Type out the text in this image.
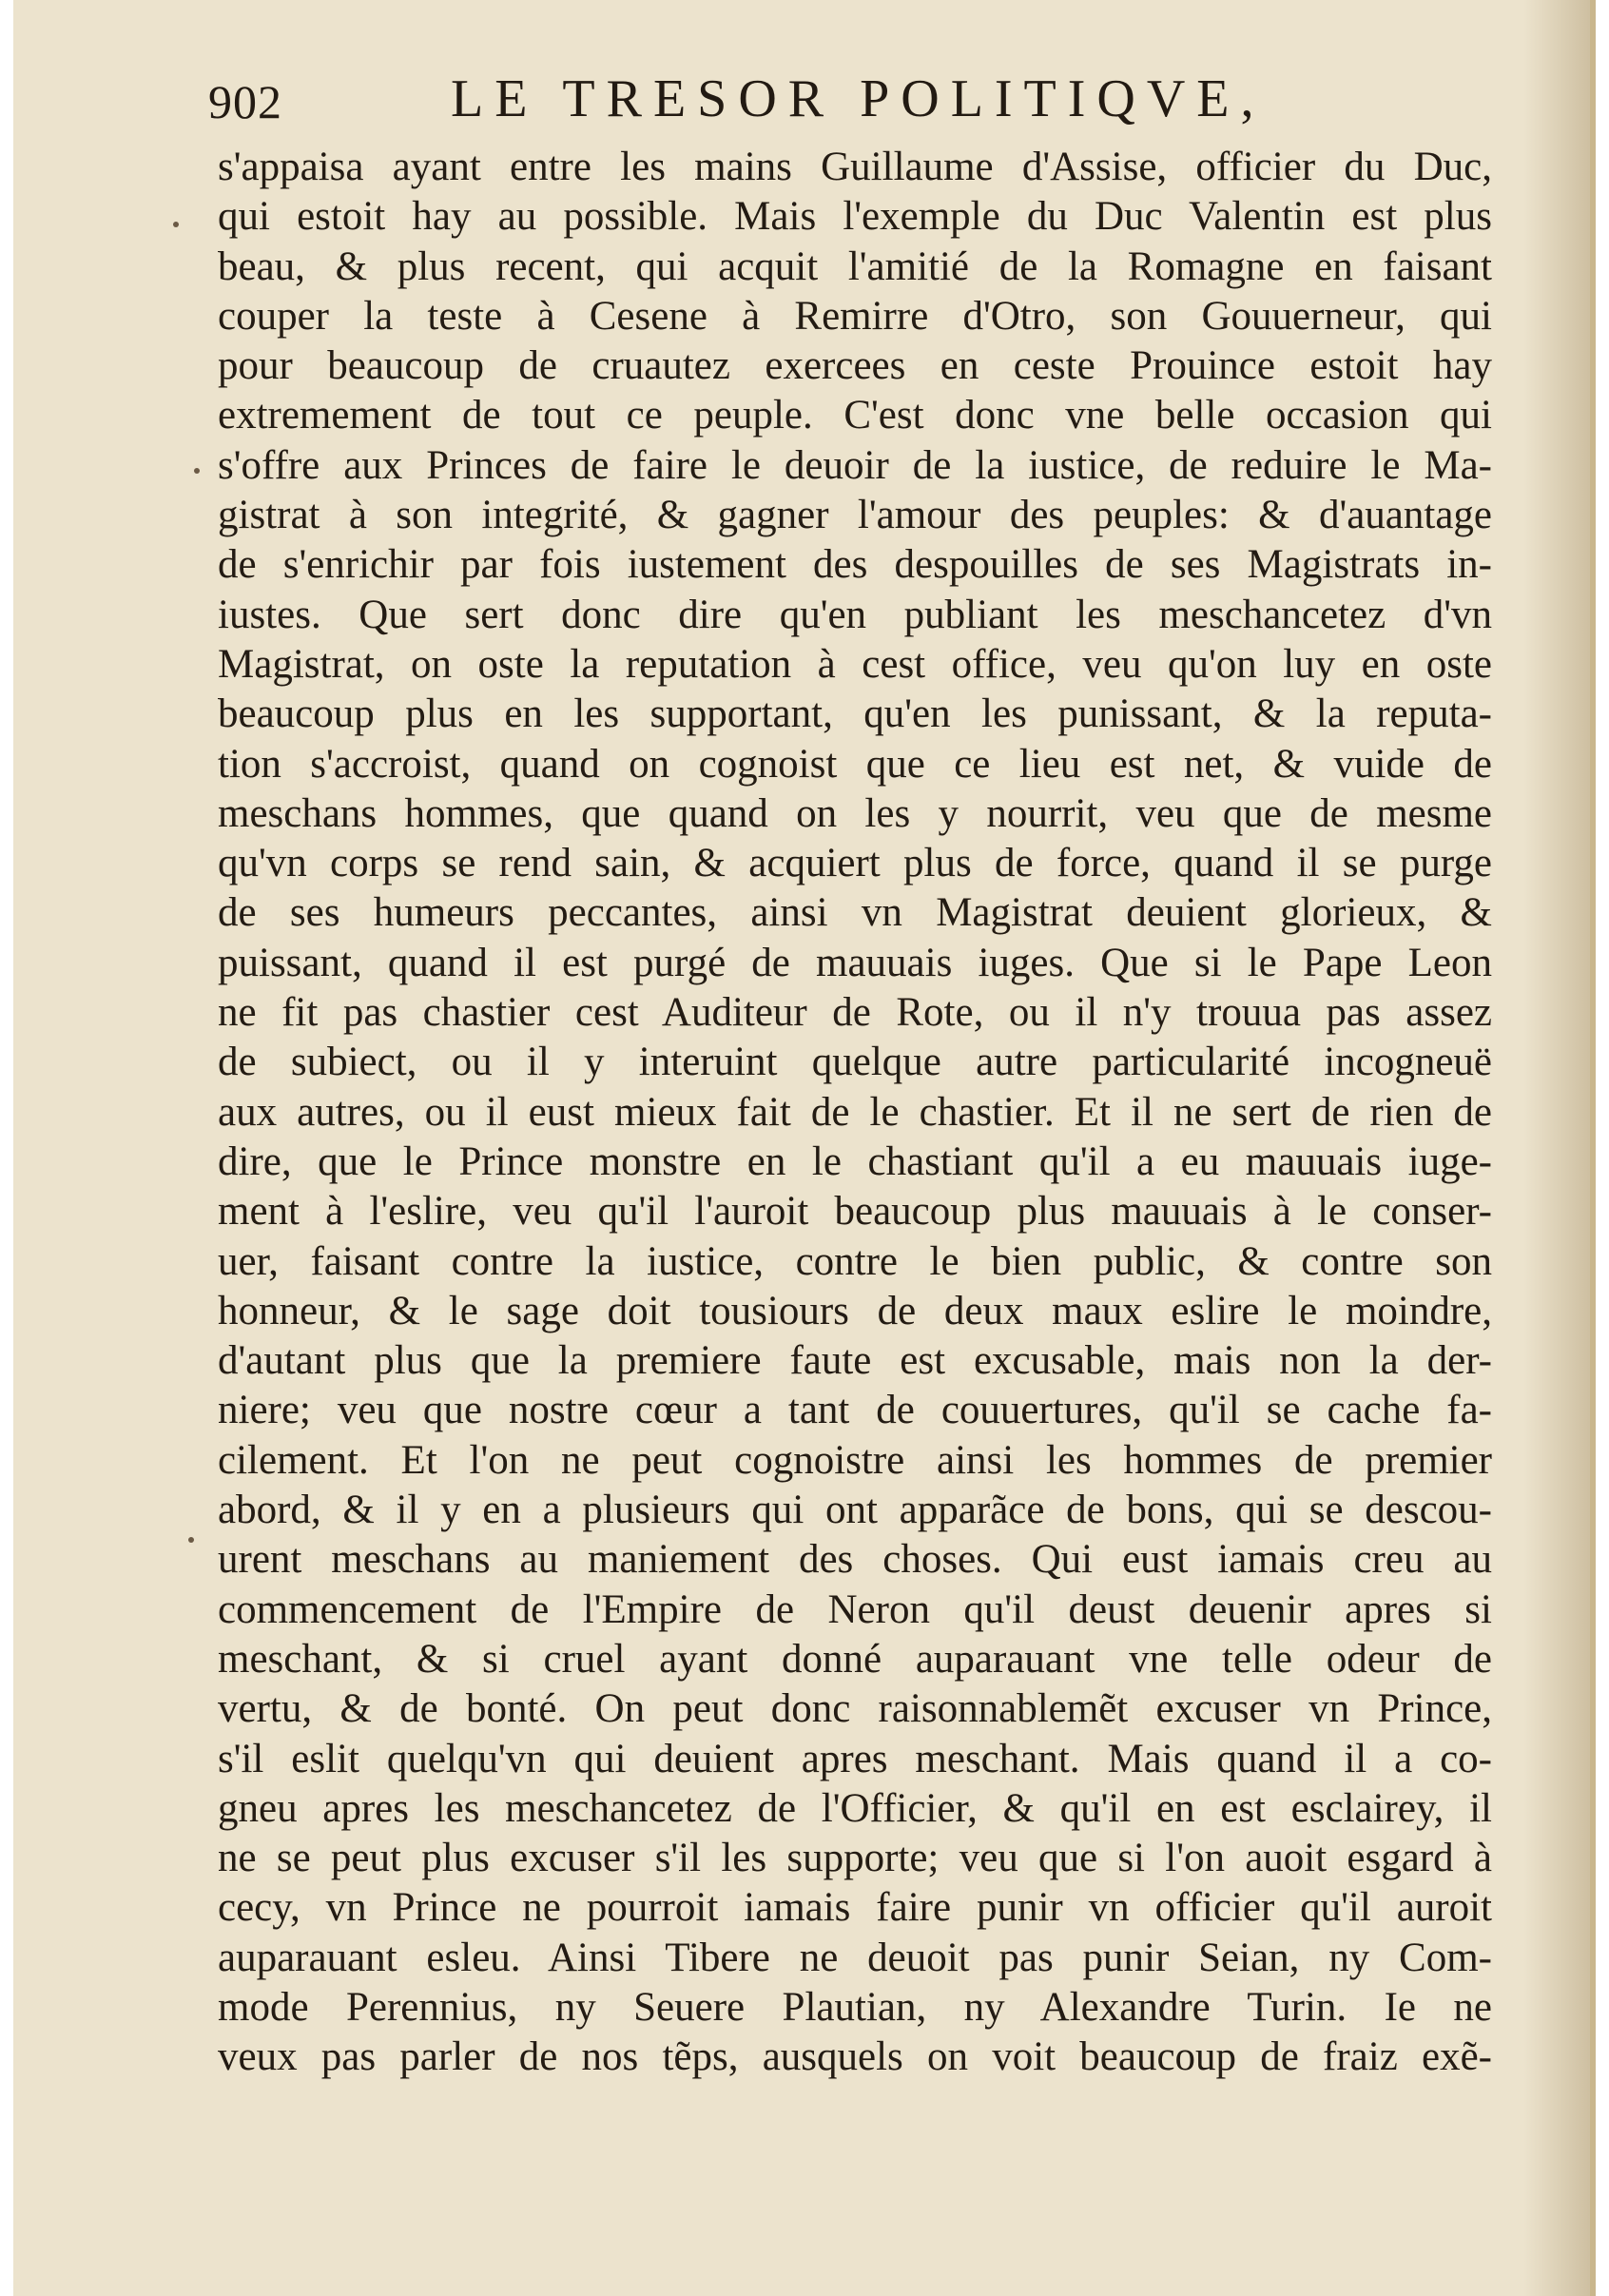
902	LE TRESOR POLITIQVE,
s'appaisa ayant entre les mains Guillaume d'Assise, officier du Duc,
qui estoit hay au possible. Mais l'exemple du Duc Valentin est plus
beau, & plus recent, qui acquit l'amitié de la Romagne en faisant
couper la teste à Cesene à Remirre d'Otro, son Gouuerneur, qui
pour beaucoup de cruautez exercees en ceste Prouince estoit hay
extremement de tout ce peuple. C'est donc vne belle occasion qui
s'offre aux Princes de faire le deuoir de la iustice, de reduire le Ma-
gistrat à son integrité, & gagner l'amour des peuples: & d'auantage
de s'enrichir par fois iustement des despouilles de ses Magistrats in-
iustes. Que sert donc dire qu'en publiant les meschancetez d'vn
Magistrat, on oste la reputation à cest office, veu qu'on luy en oste
beaucoup plus en les supportant, qu'en les punissant, & la reputa-
tion s'accroist, quand on cognoist que ce lieu est net, & vuide de
meschans hommes, que quand on les y nourrit, veu que de mesme
qu'vn corps se rend sain, & acquiert plus de force, quand il se purge
de ses humeurs peccantes, ainsi vn Magistrat deuient glorieux, &
puissant, quand il est purgé de mauuais iuges. Que si le Pape Leon
ne fit pas chastier cest Auditeur de Rote, ou il n'y trouua pas assez
de subiect, ou il y interuint quelque autre particularité incogneuë
aux autres, ou il eust mieux fait de le chastier. Et il ne sert de rien de
dire, que le Prince monstre en le chastiant qu'il a eu mauuais iuge-
ment à l'eslire, veu qu'il l'auroit beaucoup plus mauuais à le conser-
uer, faisant contre la iustice, contre le bien public, & contre son
honneur, & le sage doit tousiours de deux maux eslire le moindre,
d'autant plus que la premiere faute est excusable, mais non la der-
niere; veu que nostre cœur a tant de couuertures, qu'il se cache fa-
cilement. Et l'on ne peut cognoistre ainsi les hommes de premier
abord, & il y en a plusieurs qui ont apparãce de bons, qui se descou-
urent meschans au maniement des choses. Qui eust iamais creu au
commencement de l'Empire de Neron qu'il deust deuenir apres si
meschant, & si cruel ayant donné auparauant vne telle odeur de
vertu, & de bonté. On peut donc raisonnablemẽt excuser vn Prince,
s'il eslit quelqu'vn qui deuient apres meschant. Mais quand il a co-
gneu apres les meschancetez de l'Officier, & qu'il en est esclairey, il
ne se peut plus excuser s'il les supporte; veu que si l'on auoit esgard à
cecy, vn Prince ne pourroit iamais faire punir vn officier qu'il auroit
auparauant esleu. Ainsi Tibere ne deuoit pas punir Seian, ny Com-
mode Perennius, ny Seuere Plautian, ny Alexandre Turin. Ie ne
veux pas parler de nos tẽps, ausquels on voit beaucoup de fraiz exẽ-
